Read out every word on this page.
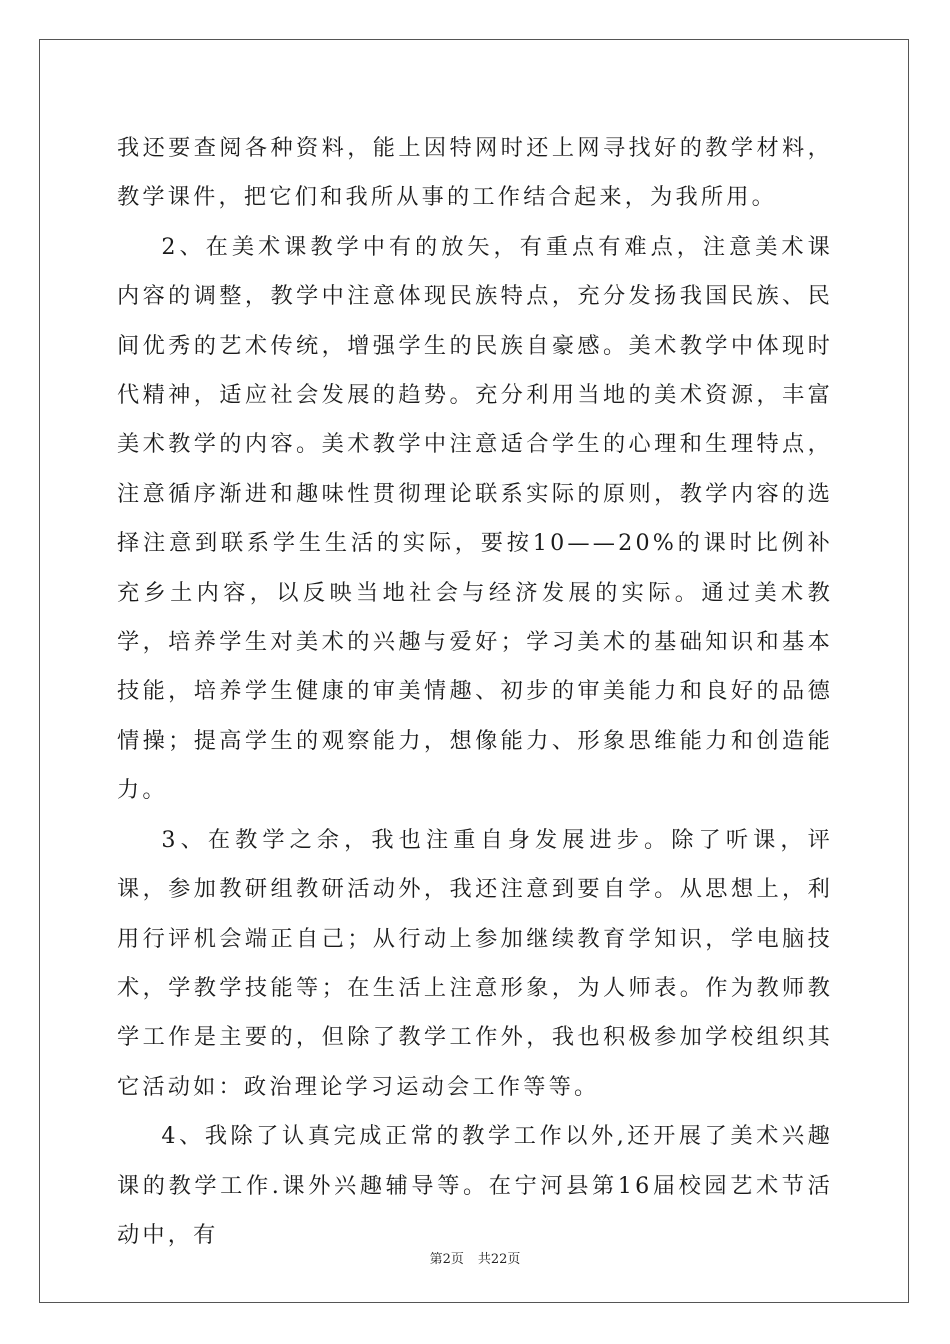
我还要查阅各种资料，能上因特网时还上网寻找好的教学材料，教学课件，把它们和我所从事的工作结合起来，为我所用。

2、在美术课教学中有的放矢，有重点有难点，注意美术课内容的调整，教学中注意体现民族特点，充分发扬我国民族、民间优秀的艺术传统，增强学生的民族自豪感。美术教学中体现时代精神，适应社会发展的趋势。充分利用当地的美术资源，丰富美术教学的内容。美术教学中注意适合学生的心理和生理特点，注意循序渐进和趣味性贯彻理论联系实际的原则，教学内容的选择注意到联系学生生活的实际，要按10——20%的课时比例补充乡土内容，以反映当地社会与经济发展的实际。通过美术教学，培养学生对美术的兴趣与爱好；学习美术的基础知识和基本技能，培养学生健康的审美情趣、初步的审美能力和良好的品德情操；提高学生的观察能力，想像能力、形象思维能力和创造能力。

3、在教学之余，我也注重自身发展进步。除了听课，评课，参加教研组教研活动外，我还注意到要自学。从思想上，利用行评机会端正自己；从行动上参加继续教育学知识，学电脑技术，学教学技能等；在生活上注意形象，为人师表。作为教师教学工作是主要的，但除了教学工作外，我也积极参加学校组织其它活动如：政治理论学习运动会工作等等。

4、我除了认真完成正常的教学工作以外,还开展了美术兴趣课的教学工作.课外兴趣辅导等。在宁河县第16届校园艺术节活动中，有

第2页 共22页
